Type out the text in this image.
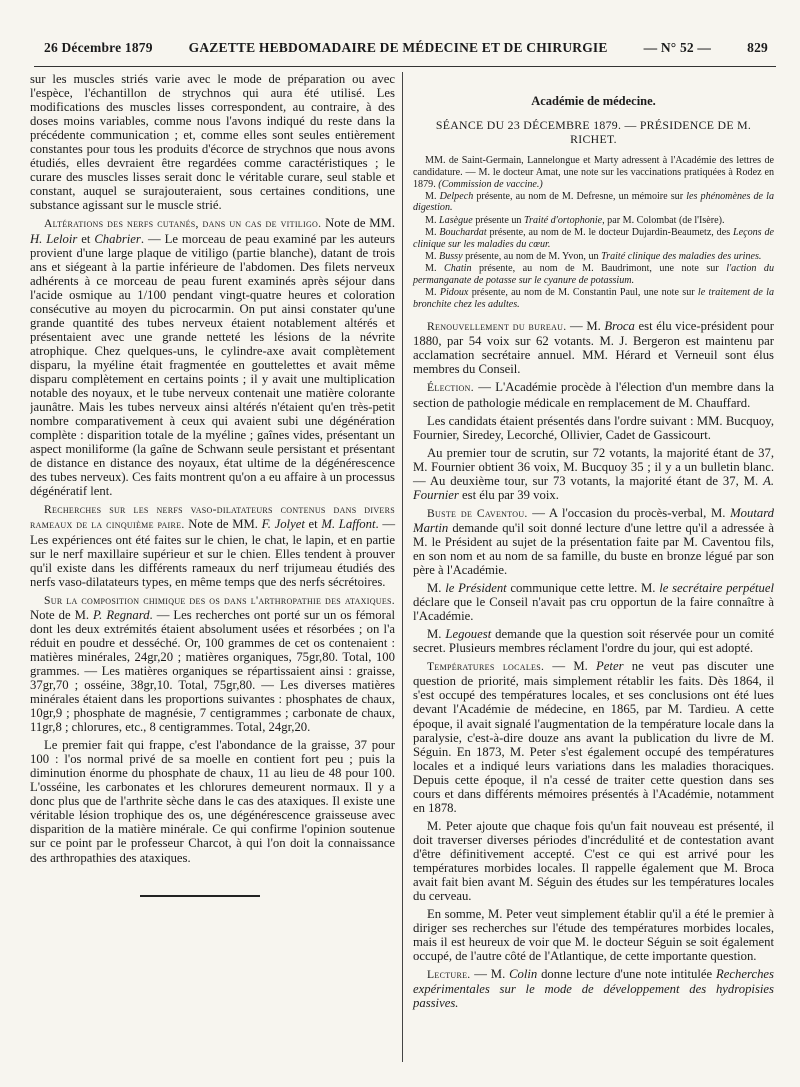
26 Décembre 1879	GAZETTE HEBDOMADAIRE DE MÉDECINE ET DE CHIRURGIE	— N° 52 —	829

sur les muscles striés varie avec le mode de préparation ou avec l'espèce, l'échantillon de strychnos qui aura été utilisé. Les modifications des muscles lisses correspondent, au contraire, à des doses moins variables, comme nous l'avons indiqué du reste dans la précédente communication ; et, comme elles sont seules entièrement constantes pour tous les produits d'écorce de strychnos que nous avons étudiés, elles devraient être regardées comme caractéristiques ; le curare des muscles lisses serait donc le véritable curare, seul stable et constant, auquel se surajouteraient, sous certaines conditions, une substance agissant sur le muscle strié.

Altérations des nerfs cutanés, dans un cas de vitiligo. Note de MM. H. Leloir et Chabrier. — Le morceau de peau examiné par les auteurs provient d'une large plaque de vitiligo (partie blanche), datant de trois ans et siégeant à la partie inférieure de l'abdomen. Des filets nerveux adhérents à ce morceau de peau furent examinés après séjour dans l'acide osmique au 1/100 pendant vingt-quatre heures et coloration consécutive au moyen du picrocarmin. On put ainsi constater qu'une grande quantité des tubes nerveux étaient notablement altérés et présentaient avec une grande netteté les lésions de la névrite atrophique. Chez quelques-uns, le cylindre-axe avait complètement disparu, la myéline était fragmentée en gouttelettes et avait même disparu complètement en certains points ; il y avait une multiplication notable des noyaux, et le tube nerveux contenait une matière colorante jaunâtre. Mais les tubes nerveux ainsi altérés n'étaient qu'en très-petit nombre comparativement à ceux qui avaient subi une dégénération complète : disparition totale de la myéline ; gaînes vides, présentant un aspect moniliforme (la gaîne de Schwann seule persistant et présentant de distance en distance des noyaux, état ultime de la dégénérescence des tubes nerveux). Ces faits montrent qu'on a eu affaire à un processus dégénératif lent.

Recherches sur les nerfs vaso-dilatateurs contenus dans divers rameaux de la cinquième paire. Note de MM. F. Jolyet et M. Laffont. — Les expériences ont été faites sur le chien, le chat, le lapin, et en partie sur le nerf maxillaire supérieur et sur le chien. Elles tendent à prouver qu'il existe dans les différents rameaux du nerf trijumeau étudiés des nerfs vaso-dilatateurs types, en même temps que des nerfs sécrétoires.

Sur la composition chimique des os dans l'arthropathie des ataxiques. Note de M. P. Regnard. — Les recherches ont porté sur un os fémoral dont les deux extrémités étaient absolument usées et résorbées ; on l'a réduit en poudre et desséché. Or, 100 grammes de cet os contenaient : matières minérales, 24gr,20 ; matières organiques, 75gr,80. Total, 100 grammes. — Les matières organiques se répartissaient ainsi : graisse, 37gr,70 ; osséine, 38gr,10. Total, 75gr,80. — Les diverses matières minérales étaient dans les proportions suivantes : phosphates de chaux, 10gr,9 ; phosphate de magnésie, 7 centigrammes ; carbonate de chaux, 11gr,8 ; chlorures, etc., 8 centigrammes. Total, 24gr,20.

Le premier fait qui frappe, c'est l'abondance de la graisse, 37 pour 100 : l'os normal privé de sa moelle en contient fort peu ; puis la diminution énorme du phosphate de chaux, 11 au lieu de 48 pour 100. L'osséine, les carbonates et les chlorures demeurent normaux. Il y a donc plus que de l'arthrite sèche dans le cas des ataxiques. Il existe une véritable lésion trophique des os, une dégénérescence graisseuse avec disparition de la matière minérale. Ce qui confirme l'opinion soutenue sur ce point par le professeur Charcot, à qui l'on doit la connaissance des arthropathies des ataxiques.

Académie de médecine.
SÉANCE DU 23 DÉCEMBRE 1879. — PRÉSIDENCE DE M. RICHET.

MM. de Saint-Germain, Lannelongue et Marty adressent à l'Académie des lettres de candidature. — M. le docteur Amat, une note sur les vaccinations pratiquées à Rodez en 1879. (Commission de vaccine.)

M. Delpech présente, au nom de M. Defresne, un mémoire sur les phénomènes de la digestion.

M. Lasègue présente un Traité d'ortophonie, par M. Colombat (de l'Isère).

M. Bouchardat présente, au nom de M. le docteur Dujardin-Beaumetz, des Leçons de clinique sur les maladies du cœur.

M. Bussy présente, au nom de M. Yvon, un Traité clinique des maladies des urines.

M. Chatin présente, au nom de M. Baudrimont, une note sur l'action du permanganate de potasse sur le cyanure de potassium.

M. Pidoux présente, au nom de M. Constantin Paul, une note sur le traitement de la bronchite chez les adultes.

Renouvellement du bureau. — M. Broca est élu vice-président pour 1880, par 54 voix sur 62 votants. M. J. Bergeron est maintenu par acclamation secrétaire annuel. MM. Hérard et Verneuil sont élus membres du Conseil.

Élection. — L'Académie procède à l'élection d'un membre dans la section de pathologie médicale en remplacement de M. Chauffard.

Les candidats étaient présentés dans l'ordre suivant : MM. Bucquoy, Fournier, Siredey, Lecorché, Ollivier, Cadet de Gassicourt.

Au premier tour de scrutin, sur 72 votants, la majorité étant de 37, M. Fournier obtient 36 voix, M. Bucquoy 35 ; il y a un bulletin blanc. — Au deuxième tour, sur 73 votants, la majorité étant de 37, M. A. Fournier est élu par 39 voix.

Buste de Caventou. — A l'occasion du procès-verbal, M. Moutard Martin demande qu'il soit donné lecture d'une lettre qu'il a adressée à M. le Président au sujet de la présentation faite par M. Caventou fils, en son nom et au nom de sa famille, du buste en bronze légué par son père à l'Académie.

M. le Président communique cette lettre. M. le secrétaire perpétuel déclare que le Conseil n'avait pas cru opportun de la faire connaître à l'Académie.

M. Legouest demande que la question soit réservée pour un comité secret. Plusieurs membres réclament l'ordre du jour, qui est adopté.

Températures locales. — M. Peter ne veut pas discuter une question de priorité, mais simplement rétablir les faits. Dès 1864, il s'est occupé des températures locales, et ses conclusions ont été lues devant l'Académie de médecine, en 1865, par M. Tardieu. A cette époque, il avait signalé l'augmentation de la température locale dans la paralysie, c'est-à-dire douze ans avant la publication du livre de M. Séguin. En 1873, M. Peter s'est également occupé des températures locales et a indiqué leurs variations dans les maladies thoraciques. Depuis cette époque, il n'a cessé de traiter cette question dans ses cours et dans différents mémoires présentés à l'Académie, notamment en 1878.

M. Peter ajoute que chaque fois qu'un fait nouveau est présenté, il doit traverser diverses périodes d'incrédulité et de contestation avant d'être définitivement accepté. C'est ce qui est arrivé pour les températures morbides locales. Il rappelle également que M. Broca avait fait bien avant M. Séguin des études sur les températures locales du cerveau.

En somme, M. Peter veut simplement établir qu'il a été le premier à diriger ses recherches sur l'étude des températures morbides locales, mais il est heureux de voir que M. le docteur Séguin se soit également occupé, de l'autre côté de l'Atlantique, de cette importante question.

Lecture. — M. Colin donne lecture d'une note intitulée Recherches expérimentales sur le mode de développement des hydropisies passives.
